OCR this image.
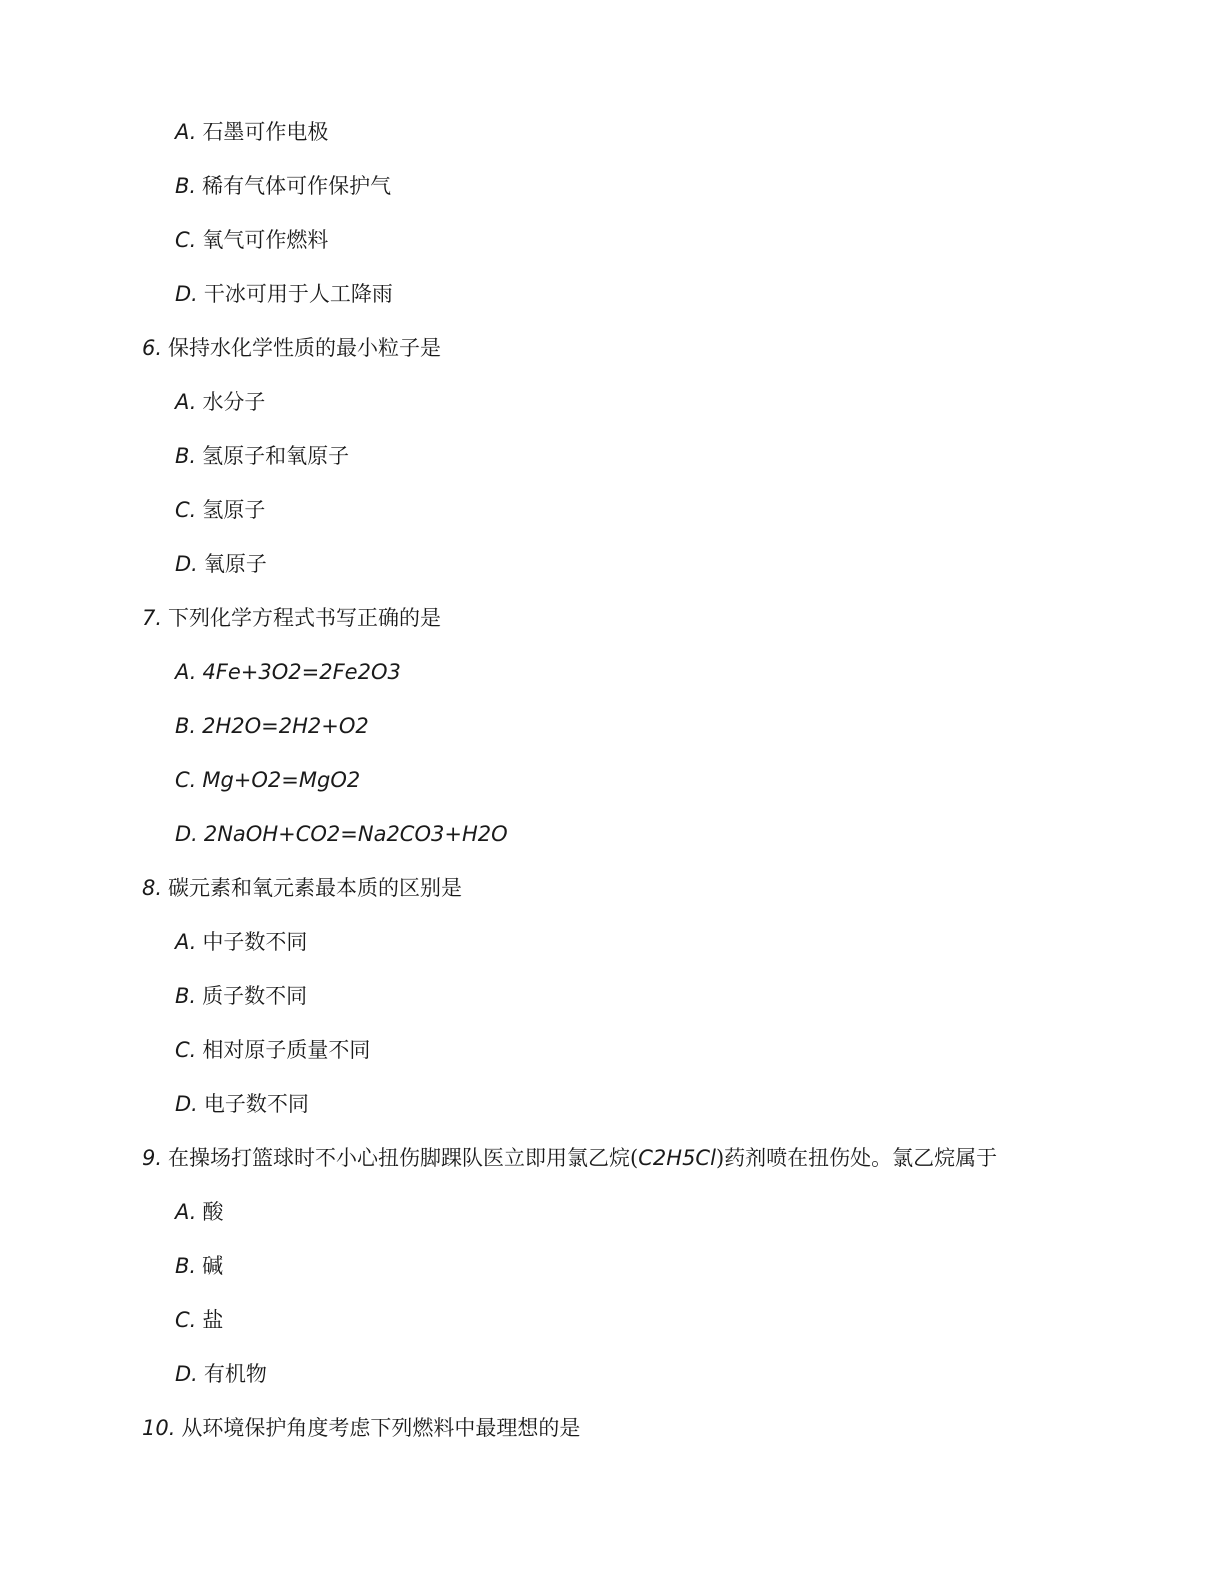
A. 石墨可作电极
B. 稀有气体可作保护气
C. 氧气可作燃料
D. 干冰可用于人工降雨
6. 保持水化学性质的最小粒子是
A. 水分子
B. 氢原子和氧原子
C. 氢原子
D. 氧原子
7. 下列化学方程式书写正确的是
A. 4Fe+3O2=2Fe2O3
B. 2H2O=2H2+O2
C. Mg+O2=MgO2
D. 2NaOH+CO2=Na2CO3+H2O
8. 碳元素和氧元素最本质的区别是
A. 中子数不同
B. 质子数不同
C. 相对原子质量不同
D. 电子数不同
9. 在操场打篮球时不小心扭伤脚踝队医立即用氯乙烷(C2H5Cl)药剂喷在扭伤处。氯乙烷属于
A. 酸
B. 碱
C. 盐
D. 有机物
10. 从环境保护角度考虑下列燃料中最理想的是
